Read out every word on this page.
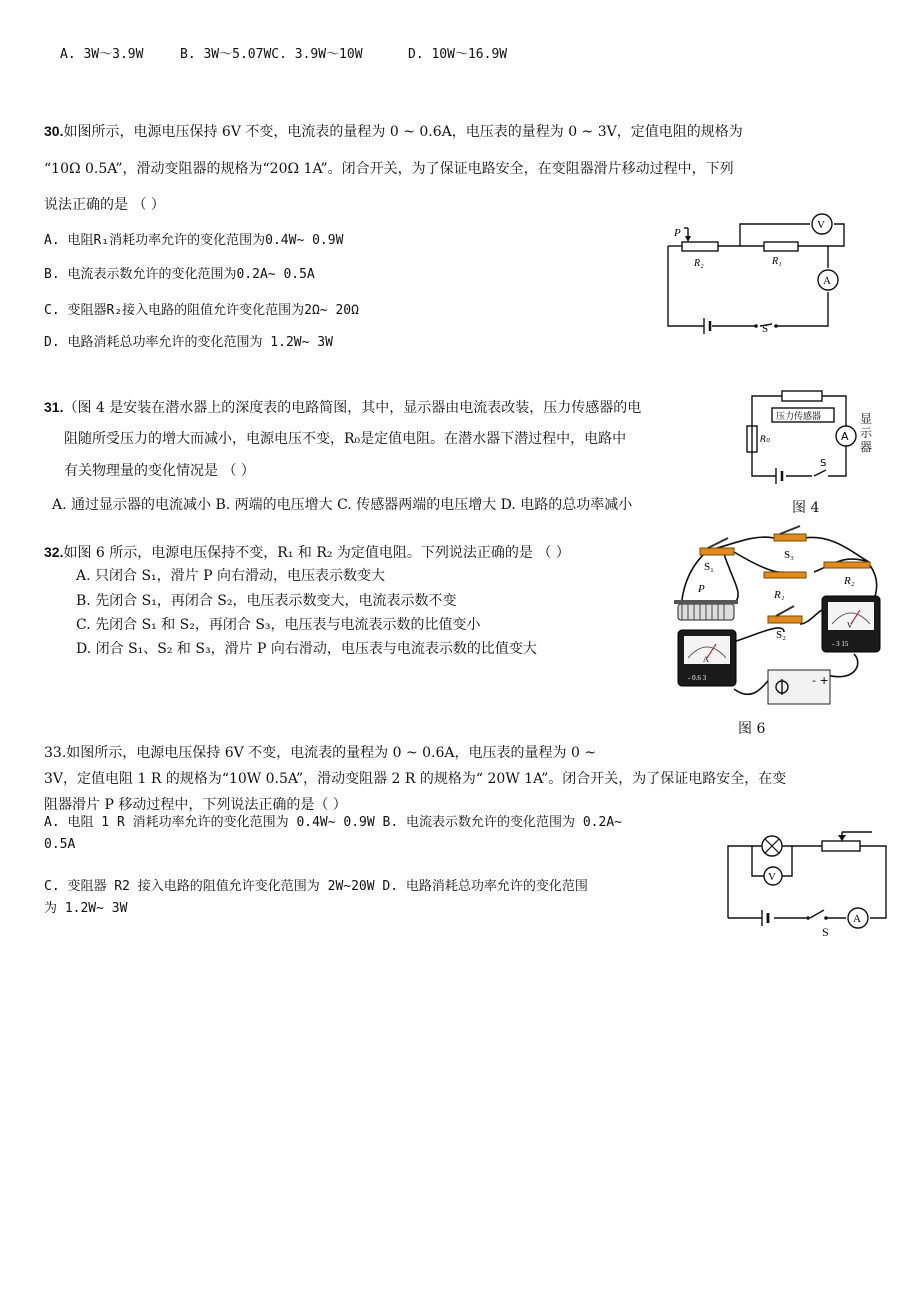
A. 3W～3.9W	B. 3W～5.07WC. 3.9W～10W	D. 10W～16.9W
30.如图所示，电源电压保持 6V 不变，电流表的量程为 0 ~ 0.6A，电压表的量程为 0 ~ 3V，定值电阻的规格为
“10Ω 0.5A”，滑动变阻器的规格为“20Ω 1A”。闭合开关，为了保证电路安全，在变阻器滑片移动过程中，下列
说法正确的是 （ ）
A. 电阻R₁消耗功率允许的变化范围为0.4W~ 0.9W
B. 电流表示数允许的变化范围为0.2A~ 0.5A
C. 变阻器R₂接入电路的阻值允许变化范围为2Ω~ 20Ω
D. 电路消耗总功率允许的变化范围为 1.2W~ 3W
P
R₂	R₁
V
A
S
31.（图 4 是安装在潜水器上的深度表的电路简图，其中，显示器由电流表改装，压力传感器的电
阻随所受压力的增大而减小，电源电压不变，R₀是定值电阻。在潜水器下潜过程中，电路中
有关物理量的变化情况是 （ ）
A. 通过显示器的电流减小 B. 两端的电压增大 C. 传感器两端的电压增大 D. 电路的总功率减小
压力传感器
R₀	A
S
显示器
图 4
32.如图 6 所示，电源电压保持不变，R₁ 和 R₂ 为定值电阻。下列说法正确的是 （ ）
A. 只闭合 S₁，滑片 P 向右滑动，电压表示数变大
B. 先闭合 S₁，再闭合 S₂，电压表示数变大，电流表示数不变
C. 先闭合 S₁ 和 S₂，再闭合 S₃，电压表与电流表示数的比值变小
D. 闭合 S₁、S₂ 和 S₃，滑片 P 向右滑动，电压表与电流表示数的比值变大
- +
S₁
S₃
R₂
R₁
S₂
P
A
V
- 0.6 3
- 3 15
图 6
33.如图所示，电源电压保持 6V 不变，电流表的量程为 0 ~ 0.6A，电压表的量程为 0 ~
3V，定值电阻 1 R 的规格为“10W 0.5A”，滑动变阻器 2 R 的规格为“ 20W 1A”。闭合开关，为了保证电路安全，在变
阻器滑片 P 移动过程中，下列说法正确的是（ ）
A. 电阻 1 R 消耗功率允许的变化范围为 0.4W~ 0.9W B. 电流表示数允许的变化范围为 0.2A~
0.5A
C. 变阻器 R2 接入电路的阻值允许变化范围为 2W~20W D. 电路消耗总功率允许的变化范围
为 1.2W~ 3W
V
A
S
